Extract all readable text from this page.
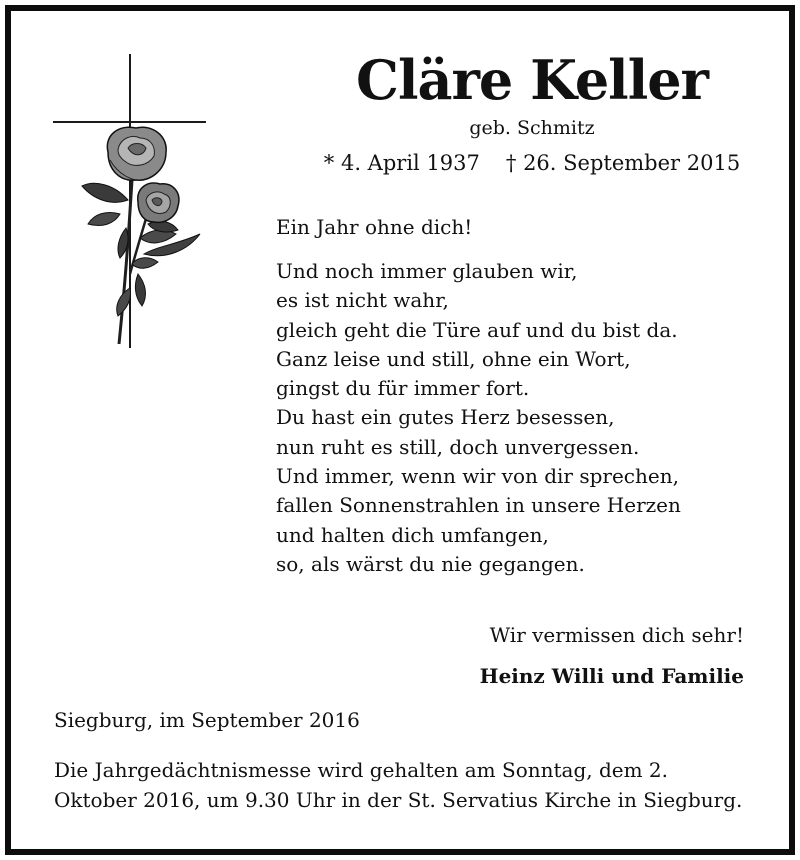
Cläre Keller
geb. Schmitz
* 4. April 1937 † 26. September 2015
Ein Jahr ohne dich!
Und noch immer glauben wir,
es ist nicht wahr,
gleich geht die Türe auf und du bist da.
Ganz leise und still, ohne ein Wort,
gingst du für immer fort.
Du hast ein gutes Herz besessen,
nun ruht es still, doch unvergessen.
Und immer, wenn wir von dir sprechen,
fallen Sonnenstrahlen in unsere Herzen
und halten dich umfangen,
so, als wärst du nie gegangen.
Wir vermissen dich sehr!
Heinz Willi und Familie
Siegburg, im September 2016
Die Jahrgedächtnismesse wird gehalten am Sonntag, dem 2. Oktober 2016, um 9.30 Uhr in der St. Servatius Kirche in Siegburg.
